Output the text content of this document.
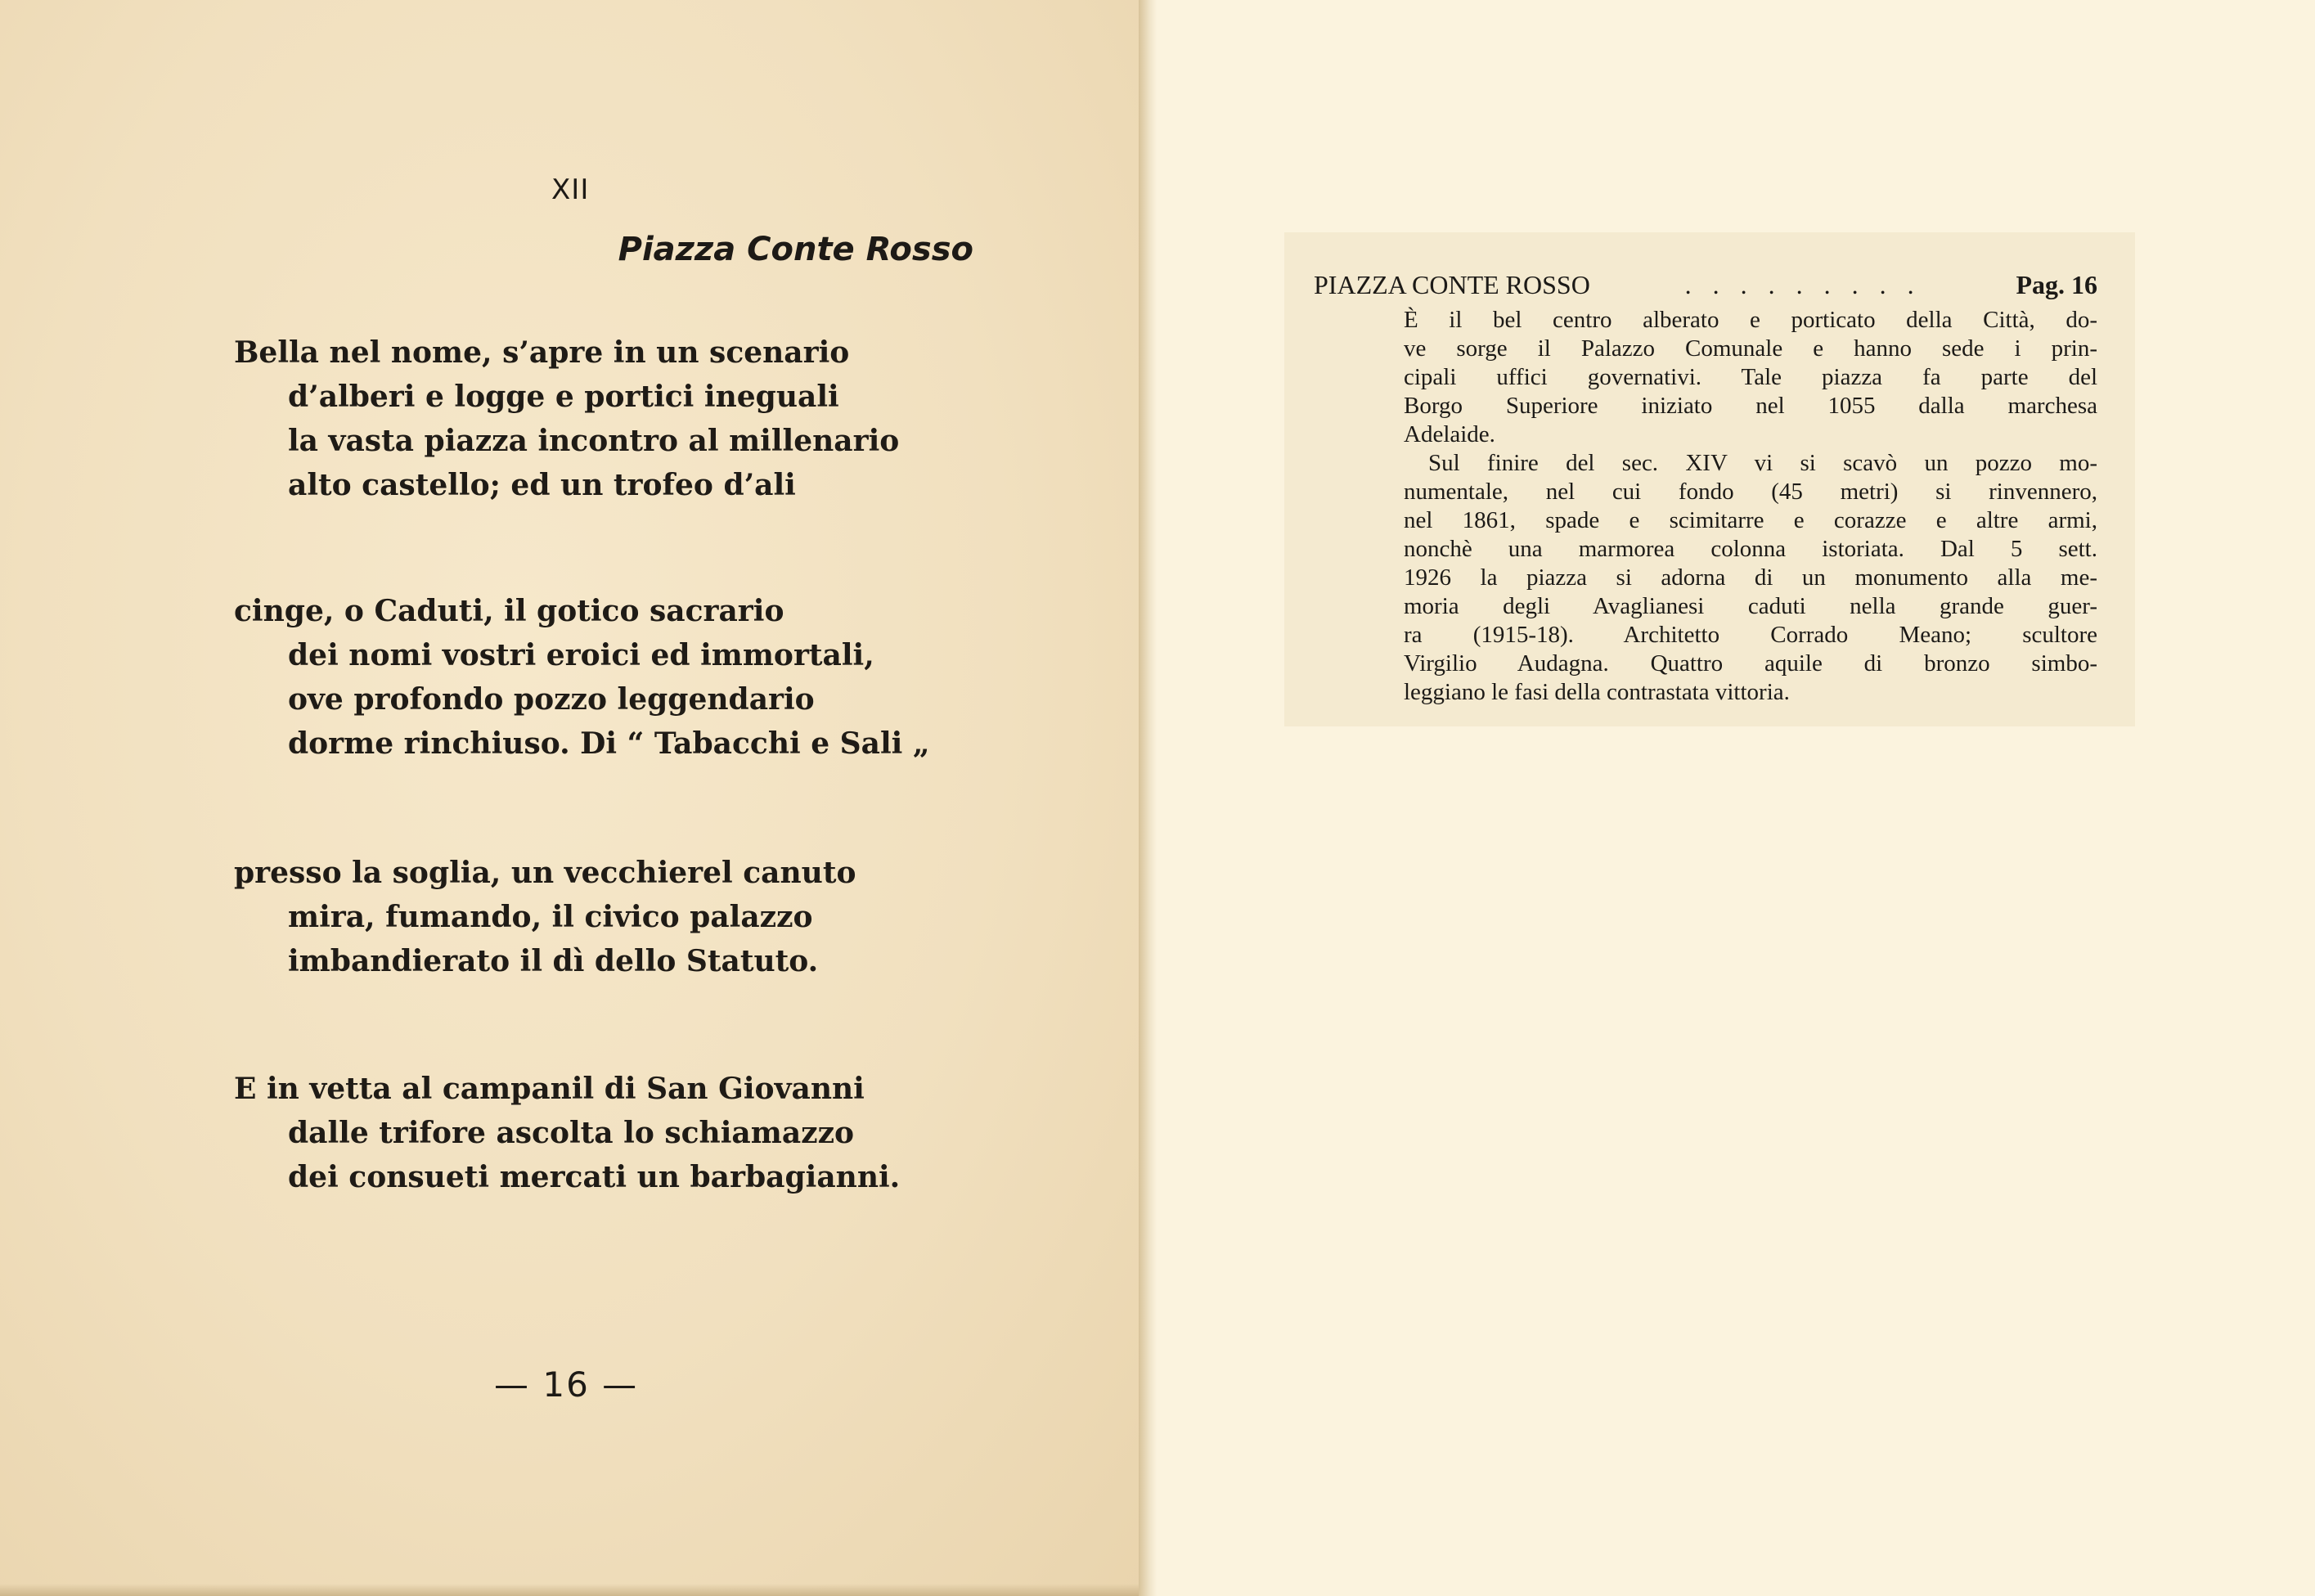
XII
Piazza Conte Rosso
Bella nel nome, s’apre in un scenario
d’alberi e logge e portici ineguali
la vasta piazza incontro al millenario
alto castello; ed un trofeo d’ali
cinge, o Caduti, il gotico sacrario
dei nomi vostri eroici ed immortali,
ove profondo pozzo leggendario
dorme rinchiuso. Di “ Tabacchi e Sali „
presso la soglia, un vecchierel canuto
mira, fumando, il civico palazzo
imbandierato il dì dello Statuto.
E in vetta al campanil di San Giovanni
dalle trifore ascolta lo schiamazzo
dei consueti mercati un barbagianni.
— 16 —
PIAZZA CONTE ROSSO	. . . . . . . . .	Pag. 16
È il bel centro alberato e porticato della Città, do-
ve sorge il Palazzo Comunale e hanno sede i prin-
cipali uffici governativi. Tale piazza fa parte del
Borgo Superiore iniziato nel 1055 dalla marchesa
Adelaide.
Sul finire del sec. XIV vi si scavò un pozzo mo-
numentale, nel cui fondo (45 metri) si rinvennero,
nel 1861, spade e scimitarre e corazze e altre armi,
nonchè una marmorea colonna istoriata. Dal 5 sett.
1926 la piazza si adorna di un monumento alla me-
moria degli Avaglianesi caduti nella grande guer-
ra (1915-18). Architetto Corrado Meano; scultore
Virgilio Audagna. Quattro aquile di bronzo simbo-
leggiano le fasi della contrastata vittoria.
